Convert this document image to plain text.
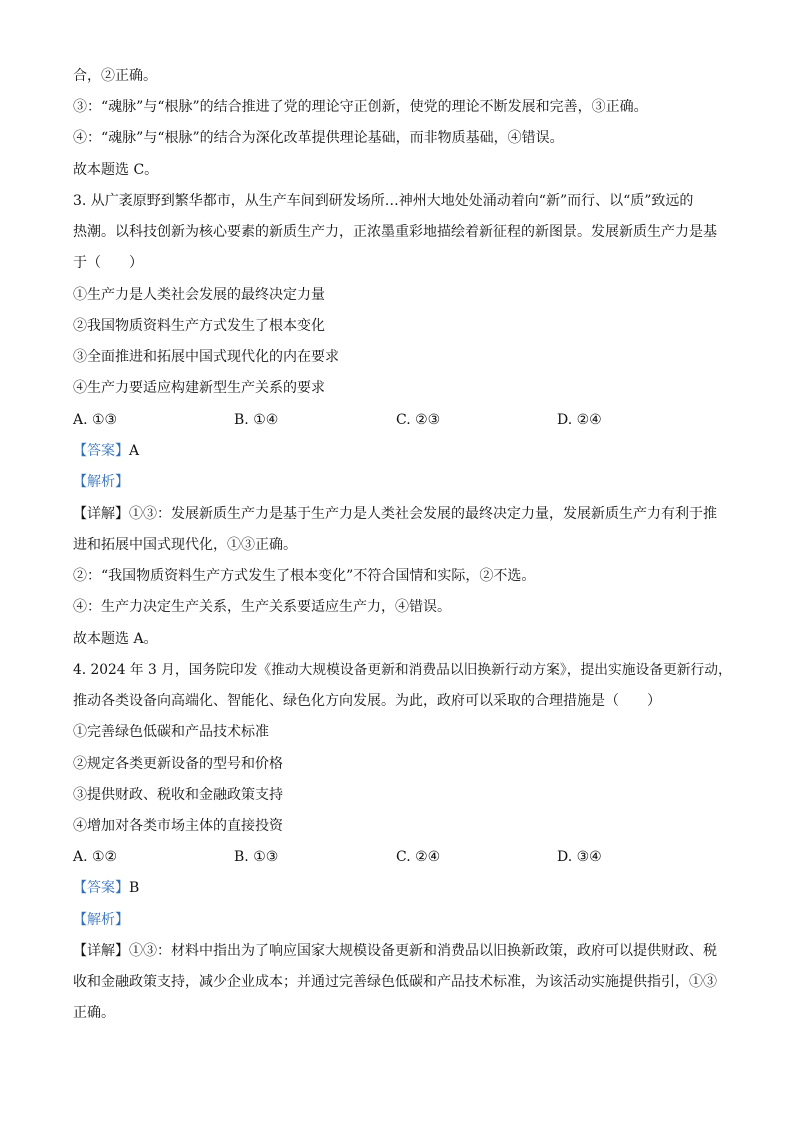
合，②正确。
③：“魂脉”与“根脉”的结合推进了党的理论守正创新，使党的理论不断发展和完善，③正确。
④：“魂脉”与“根脉”的结合为深化改革提供理论基础，而非物质基础，④错误。
故本题选 C。
3. 从广袤原野到繁华都市，从生产车间到研发场所…神州大地处处涌动着向“新”而行、以“质”致远的
热潮。以科技创新为核心要素的新质生产力，正浓墨重彩地描绘着新征程的新图景。发展新质生产力是基
于（　　）
①生产力是人类社会发展的最终决定力量
②我国物质资料生产方式发生了根本变化
③全面推进和拓展中国式现代化的内在要求
④生产力要适应构建新型生产关系的要求
A. ①③	B. ①④	C. ②③	D. ②④
【答案】A
【解析】
【详解】①③：发展新质生产力是基于生产力是人类社会发展的最终决定力量，发展新质生产力有利于推
进和拓展中国式现代化，①③正确。
②：“我国物质资料生产方式发生了根本变化”不符合国情和实际，②不选。
④：生产力决定生产关系，生产关系要适应生产力，④错误。
故本题选 A。
4. 2024 年 3 月，国务院印发《推动大规模设备更新和消费品以旧换新行动方案》，提出实施设备更新行动，
推动各类设备向高端化、智能化、绿色化方向发展。为此，政府可以采取的合理措施是（　　）
①完善绿色低碳和产品技术标准
②规定各类更新设备的型号和价格
③提供财政、税收和金融政策支持
④增加对各类市场主体的直接投资
A. ①②	B. ①③	C. ②④	D. ③④
【答案】B
【解析】
【详解】①③：材料中指出为了响应国家大规模设备更新和消费品以旧换新政策，政府可以提供财政、税
收和金融政策支持，减少企业成本；并通过完善绿色低碳和产品技术标准，为该活动实施提供指引，①③
正确。
